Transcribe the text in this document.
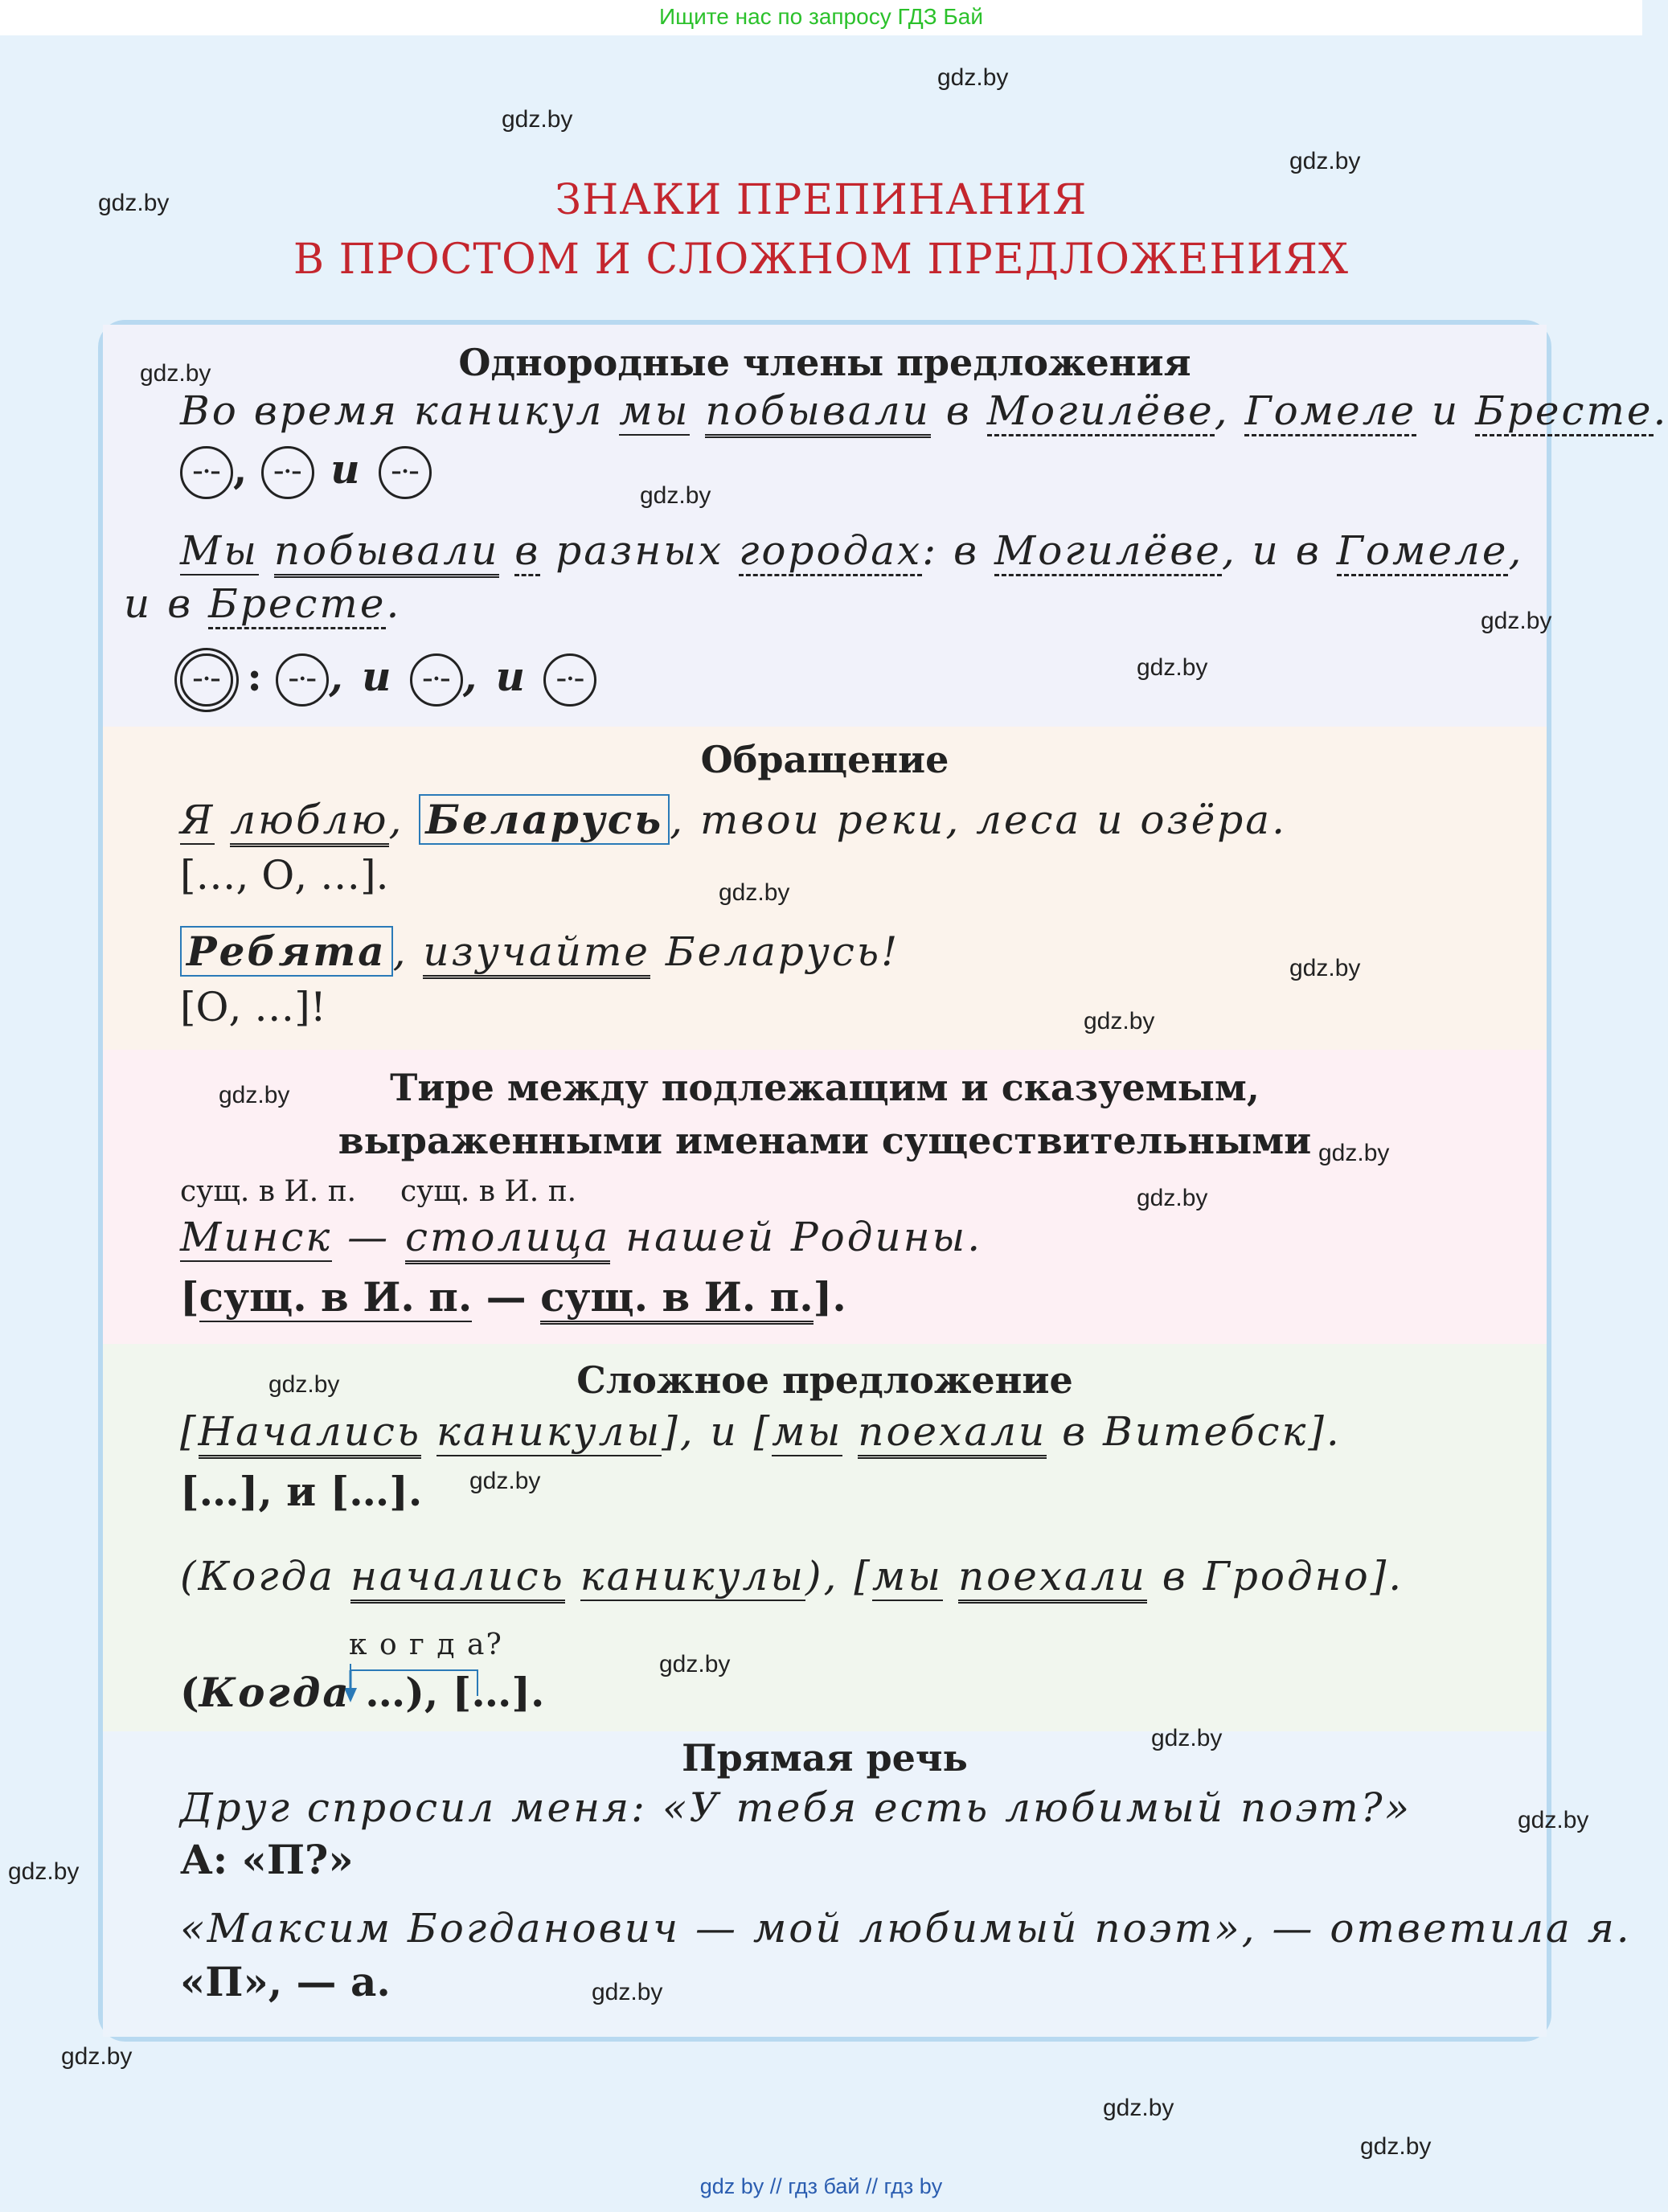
Ищите нас по запросу ГДЗ Бай
ЗНАКИ ПРЕПИНАНИЯ
В ПРОСТОМ И СЛОЖНОМ ПРЕДЛОЖЕНИЯХ
Однородные члены предложения
Во время каникул мы побывали в Могилёве, Гомеле и Бресте.
–·– , –·– и –·–
Мы побывали в разных городах: в Могилёве, и в Гомеле,
и в Бресте.
–·– : –·– , и –·– , и –·–
Обращение
Я люблю, Беларусь , твои реки, леса и озёра.
[…, О, …].
Ребята , изучайте Беларусь!
[О, …]!
Тире между подлежащим и сказуемым,
выраженными именами существительными
сущ. в И. п. сущ. в И. п.
Минск — столица нашей Родины.
[сущ. в И. п. — сущ. в И. п.].
Сложное предложение
[Начались каникулы], и [мы поехали в Витебск].
[…], и […].
(Когда начались каникулы), [мы поехали в Гродно].
к о г д а?
(Когда …), […].
Прямая речь
Друг спросил меня: «У тебя есть любимый поэт?»
А: «П?»
«Максим Богданович — мой любимый поэт», — ответила я.
«П», — а.
gdz.by
gdz.by
gdz.by
gdz.by
gdz.by
gdz.by
gdz.by
gdz.by
gdz.by
gdz.by
gdz.by
gdz.by
gdz.by
gdz.by
gdz.by
gdz.by
gdz.by
gdz.by
gdz.by
gdz.by
gdz.by
gdz.by
gdz.by
gdz.by
gdz by // гдз бай // гдз by
